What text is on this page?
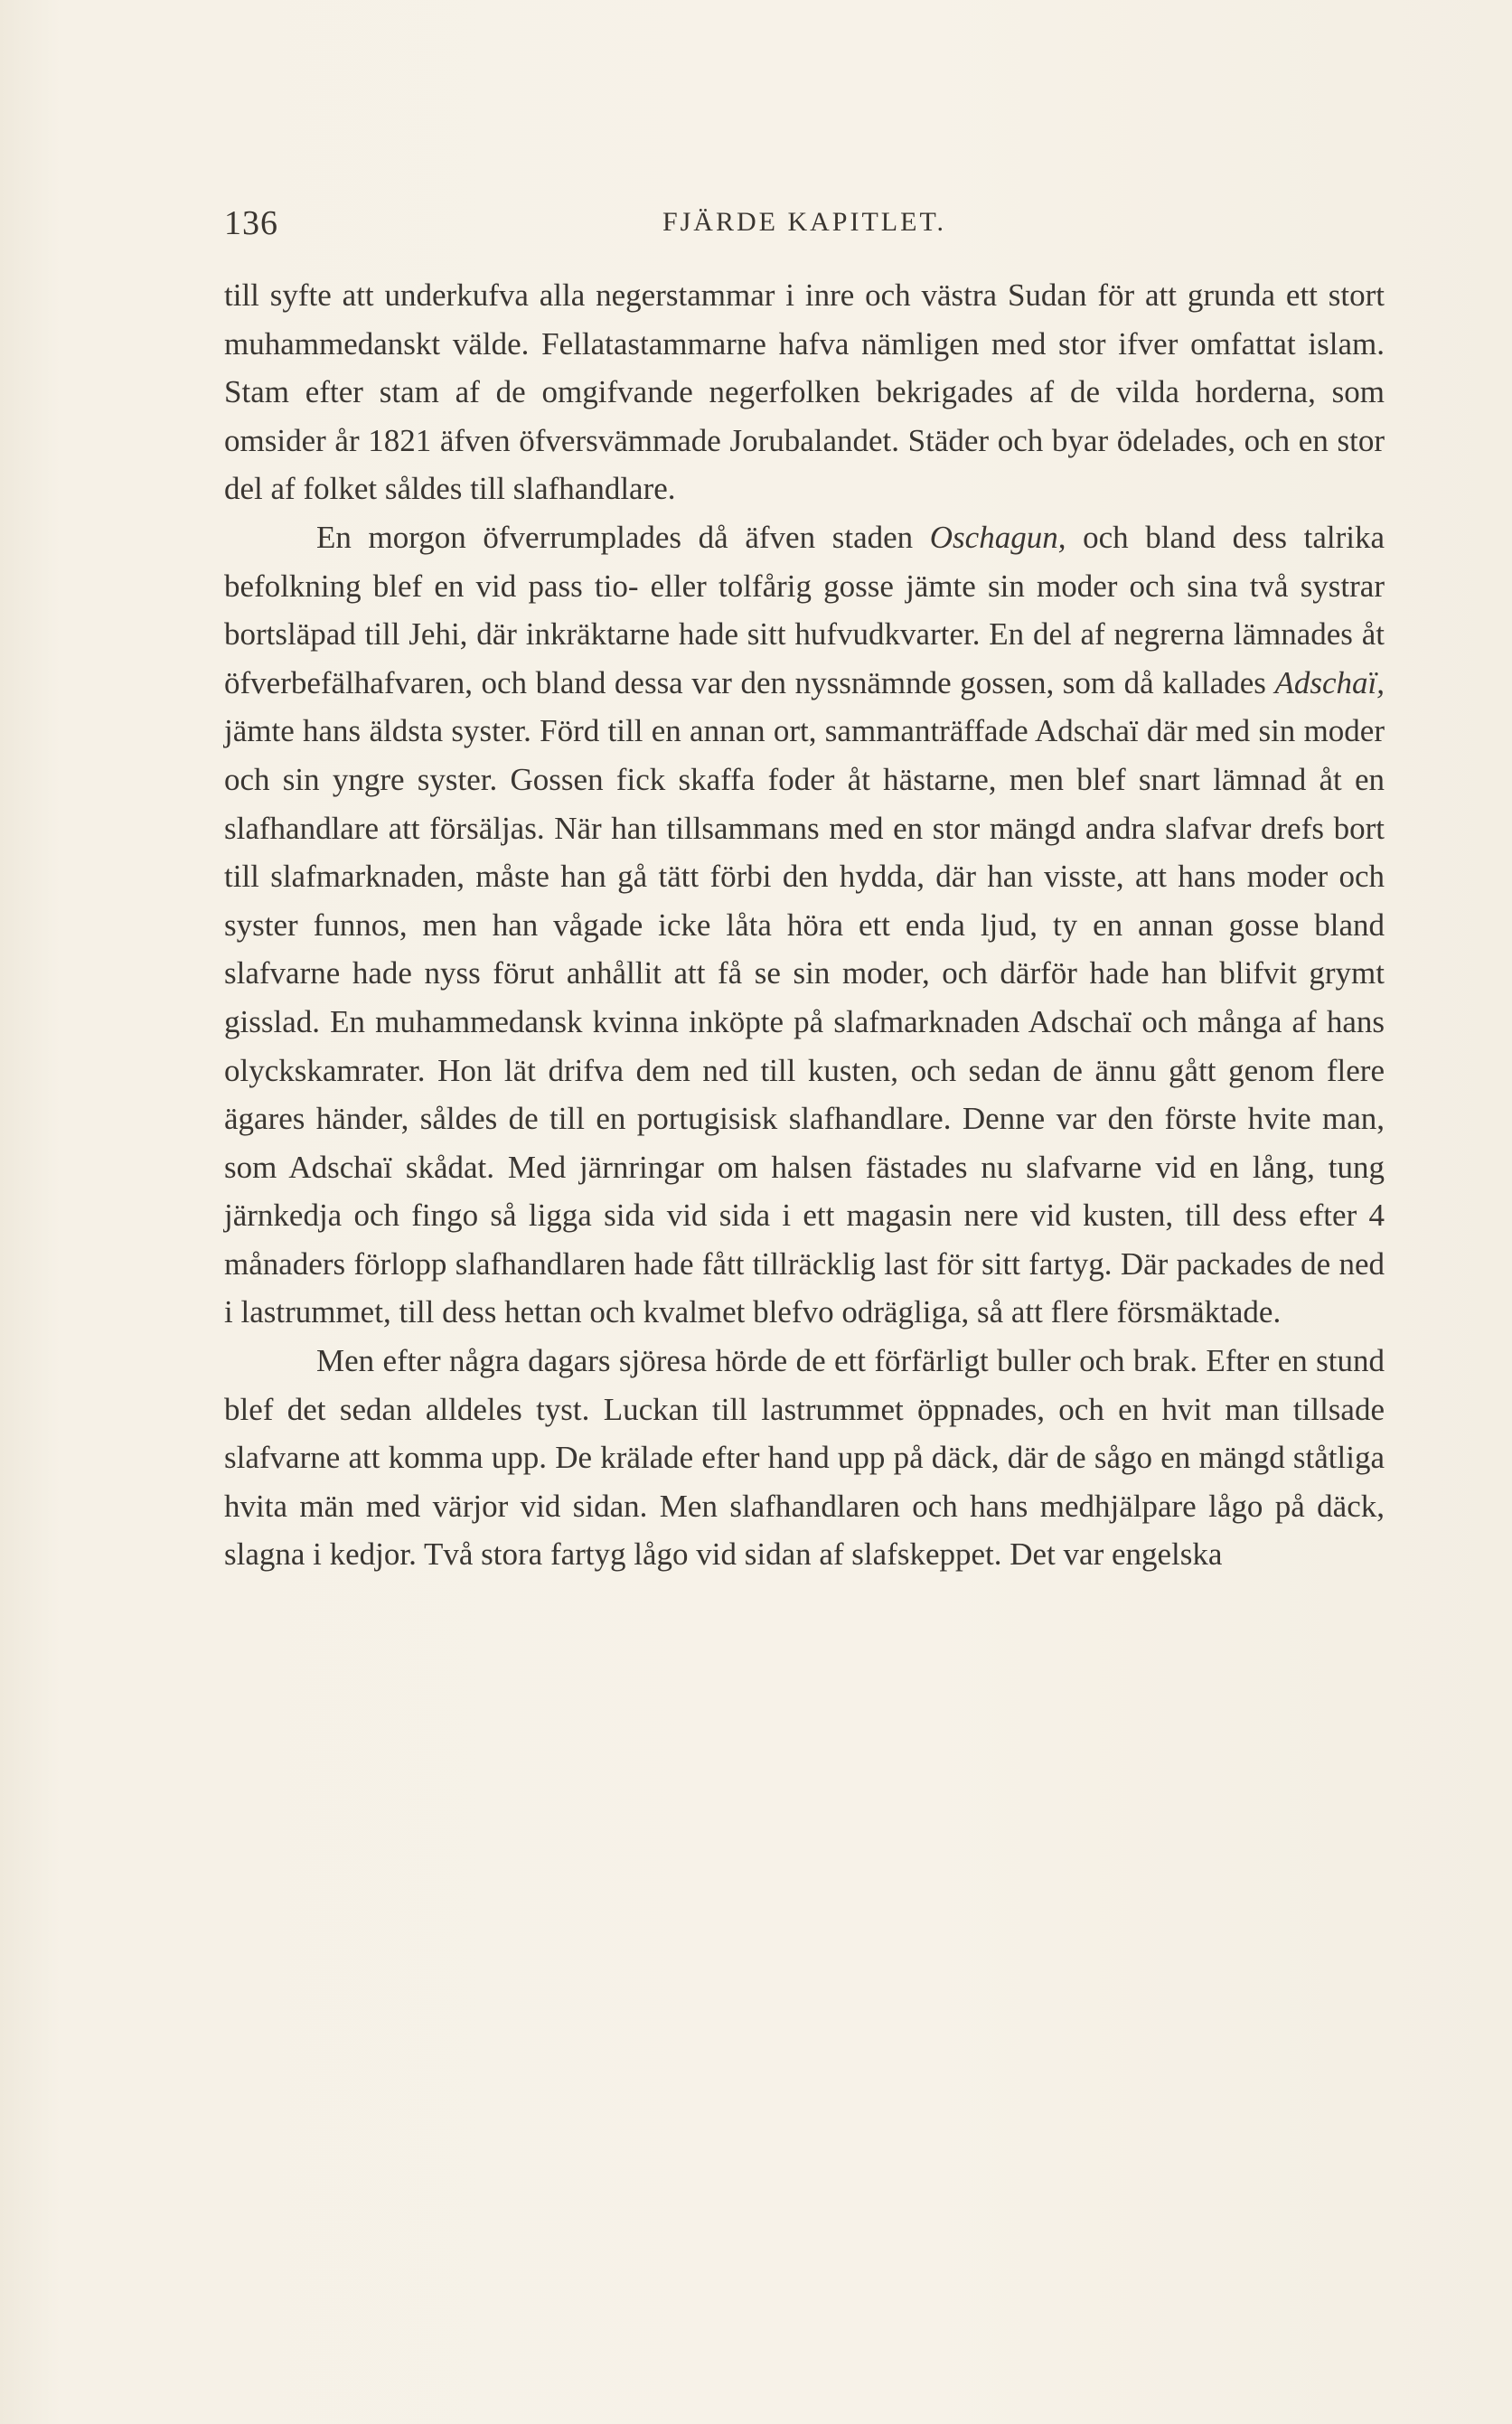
136	FJÄRDE KAPITLET.

till syfte att underkufva alla negerstammar i inre och västra Sudan för att grunda ett stort muhammedanskt välde. Fellatastammarne hafva nämligen med stor ifver omfattat islam. Stam efter stam af de omgifvande negerfolken bekrigades af de vilda horderna, som omsider år 1821 äfven öfversvämmade Jorubalandet. Städer och byar ödelades, och en stor del af folket såldes till slafhandlare.

En morgon öfverrumplades då äfven staden Oschagun, och bland dess talrika befolkning blef en vid pass tio- eller tolfårig gosse jämte sin moder och sina två systrar bortsläpad till Jehi, där inkräktarne hade sitt hufvudkvarter. En del af negrerna lämnades åt öfverbefälhafvaren, och bland dessa var den nyssnämnde gossen, som då kallades Adschaï, jämte hans äldsta syster. Förd till en annan ort, sammanträffade Adschaï där med sin moder och sin yngre syster. Gossen fick skaffa foder åt hästarne, men blef snart lämnad åt en slafhandlare att försäljas. När han tillsammans med en stor mängd andra slafvar drefs bort till slafmarknaden, måste han gå tätt förbi den hydda, där han visste, att hans moder och syster funnos, men han vågade icke låta höra ett enda ljud, ty en annan gosse bland slafvarne hade nyss förut anhållit att få se sin moder, och därför hade han blifvit grymt gisslad. En muhammedansk kvinna inköpte på slafmarknaden Adschaï och många af hans olyckskamrater. Hon lät drifva dem ned till kusten, och sedan de ännu gått genom flere ägares händer, såldes de till en portugisisk slafhandlare. Denne var den förste hvite man, som Adschaï skådat. Med järnringar om halsen fästades nu slafvarne vid en lång, tung järnkedja och fingo så ligga sida vid sida i ett magasin nere vid kusten, till dess efter 4 månaders förlopp slafhandlaren hade fått tillräcklig last för sitt fartyg. Där packades de ned i lastrummet, till dess hettan och kvalmet blefvo odrägliga, så att flere försmäktade.

Men efter några dagars sjöresa hörde de ett förfärligt buller och brak. Efter en stund blef det sedan alldeles tyst. Luckan till lastrummet öppnades, och en hvit man tillsade slafvarne att komma upp. De krälade efter hand upp på däck, där de sågo en mängd ståtliga hvita män med värjor vid sidan. Men slafhandlaren och hans medhjälpare lågo på däck, slagna i kedjor. Två stora fartyg lågo vid sidan af slafskeppet. Det var engelska
